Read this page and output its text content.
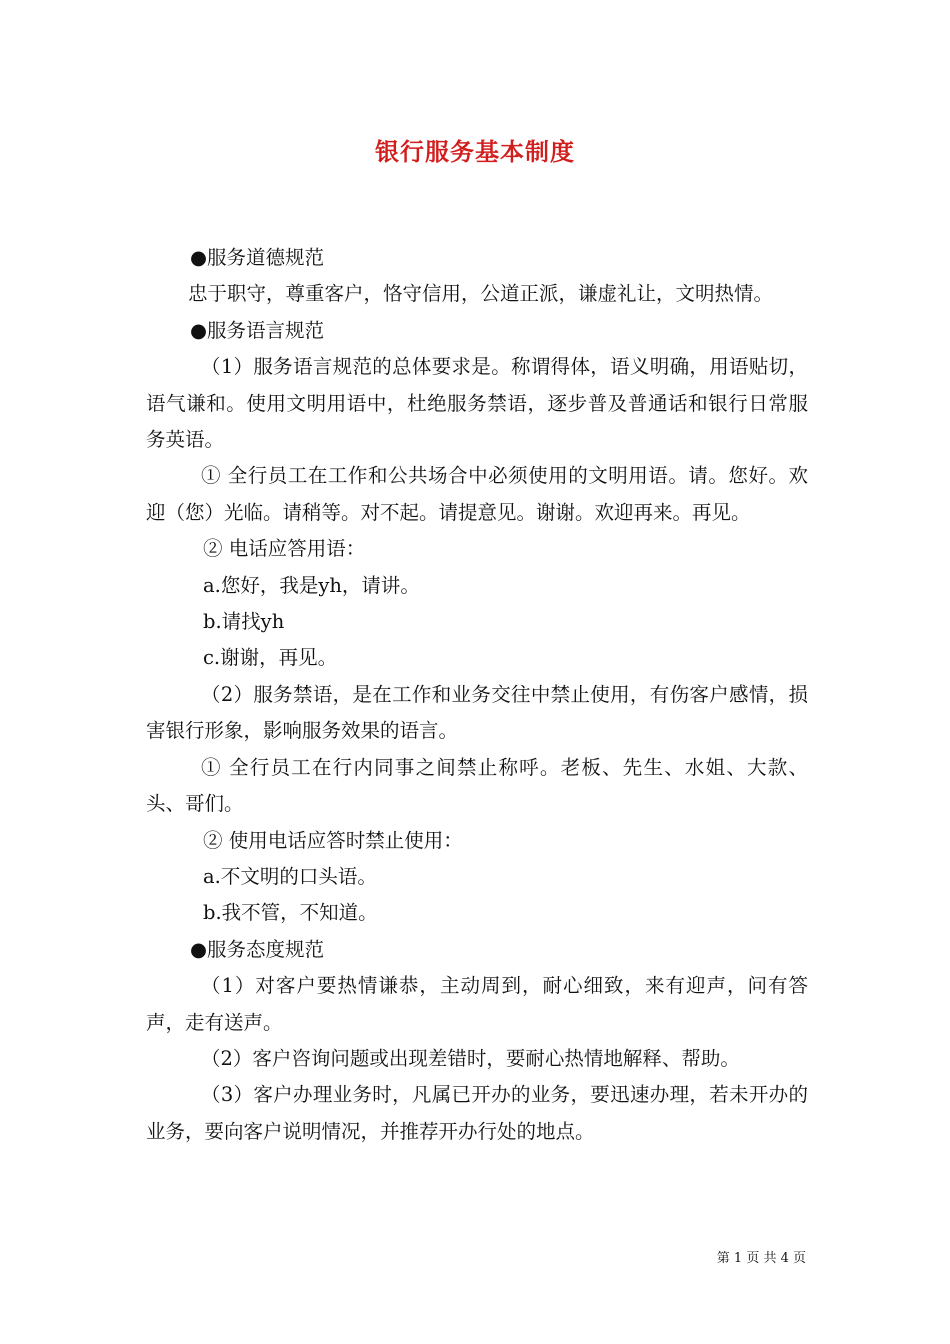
银行服务基本制度

●服务道德规范

忠于职守，尊重客户，恪守信用，公道正派，谦虚礼让，文明热情。

●服务语言规范

（1）服务语言规范的总体要求是。称谓得体，语义明确，用语贴切，语气谦和。使用文明用语中，杜绝服务禁语，逐步普及普通话和银行日常服务英语。

① 全行员工在工作和公共场合中必须使用的文明用语。请。您好。欢迎（您）光临。请稍等。对不起。请提意见。谢谢。欢迎再来。再见。

② 电话应答用语：

a.您好，我是yh，请讲。

b.请找yh

c.谢谢，再见。

（2）服务禁语，是在工作和业务交往中禁止使用，有伤客户感情，损害银行形象，影响服务效果的语言。

① 全行员工在行内同事之间禁止称呼。老板、先生、水姐、大款、头、哥们。

② 使用电话应答时禁止使用：

a.不文明的口头语。

b.我不管，不知道。

●服务态度规范

（1）对客户要热情谦恭，主动周到，耐心细致，来有迎声，问有答声，走有送声。

（2）客户咨询问题或出现差错时，要耐心热情地解释、帮助。

（3）客户办理业务时，凡属已开办的业务，要迅速办理，若未开办的业务，要向客户说明情况，并推荐开办行处的地点。

第 1 页 共 4 页
